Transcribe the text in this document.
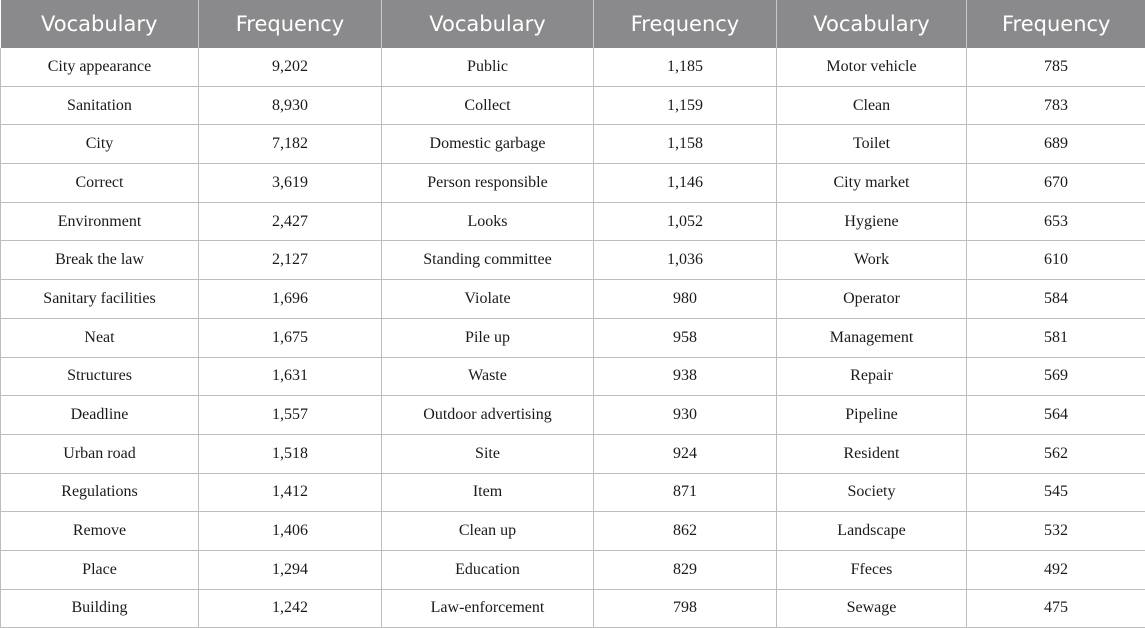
Vocabulary	Frequency	Vocabulary	Frequency	Vocabulary	Frequency
City appearance	9,202	Public	1,185	Motor vehicle	785
Sanitation	8,930	Collect	1,159	Clean	783
City	7,182	Domestic garbage	1,158	Toilet	689
Correct	3,619	Person responsible	1,146	City market	670
Environment	2,427	Looks	1,052	Hygiene	653
Break the law	2,127	Standing committee	1,036	Work	610
Sanitary facilities	1,696	Violate	980	Operator	584
Neat	1,675	Pile up	958	Management	581
Structures	1,631	Waste	938	Repair	569
Deadline	1,557	Outdoor advertising	930	Pipeline	564
Urban road	1,518	Site	924	Resident	562
Regulations	1,412	Item	871	Society	545
Remove	1,406	Clean up	862	Landscape	532
Place	1,294	Education	829	Ffeces	492
Building	1,242	Law-enforcement	798	Sewage	475
